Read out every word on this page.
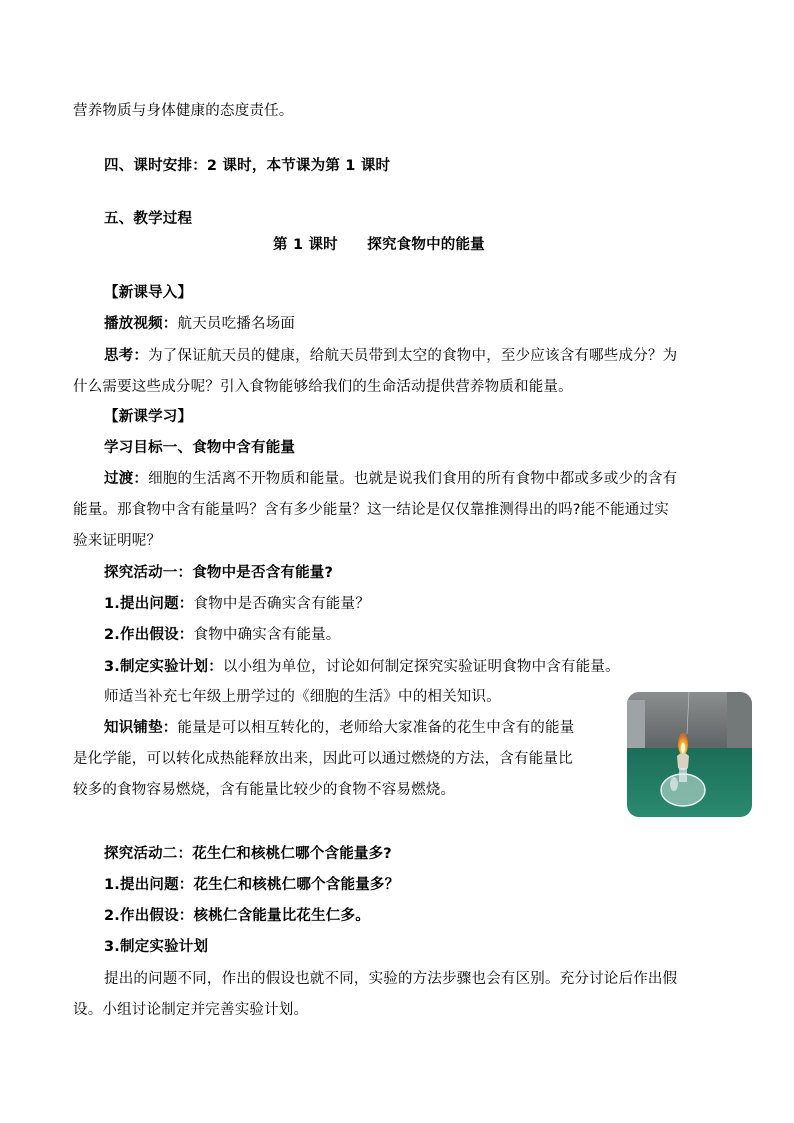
营养物质与身体健康的态度责任。
四、课时安排：2 课时，本节课为第 1 课时
五、教学过程
第 1 课时　　探究食物中的能量
【新课导入】
播放视频：航天员吃播名场面
思考：为了保证航天员的健康，给航天员带到太空的食物中，至少应该含有哪些成分？为
什么需要这些成分呢？引入食物能够给我们的生命活动提供营养物质和能量。
【新课学习】
学习目标一、食物中含有能量
过渡：细胞的生活离不开物质和能量。也就是说我们食用的所有食物中都或多或少的含有
能量。那食物中含有能量吗？含有多少能量？这一结论是仅仅靠推测得出的吗?能不能通过实
验来证明呢？
探究活动一：食物中是否含有能量?
1.提出问题：食物中是否确实含有能量？
2.作出假设：食物中确实含有能量。
3.制定实验计划：以小组为单位，讨论如何制定探究实验证明食物中含有能量。
师适当补充七年级上册学过的《细胞的生活》中的相关知识。
知识铺垫：能量是可以相互转化的，老师给大家准备的花生中含有的能量
是化学能，可以转化成热能释放出来，因此可以通过燃烧的方法，含有能量比
较多的食物容易燃烧，含有能量比较少的食物不容易燃烧。
探究活动二：花生仁和核桃仁哪个含能量多?
1.提出问题：花生仁和核桃仁哪个含能量多？
2.作出假设：核桃仁含能量比花生仁多。
3.制定实验计划
提出的问题不同，作出的假设也就不同，实验的方法步骤也会有区别。充分讨论后作出假
设。小组讨论制定并完善实验计划。
